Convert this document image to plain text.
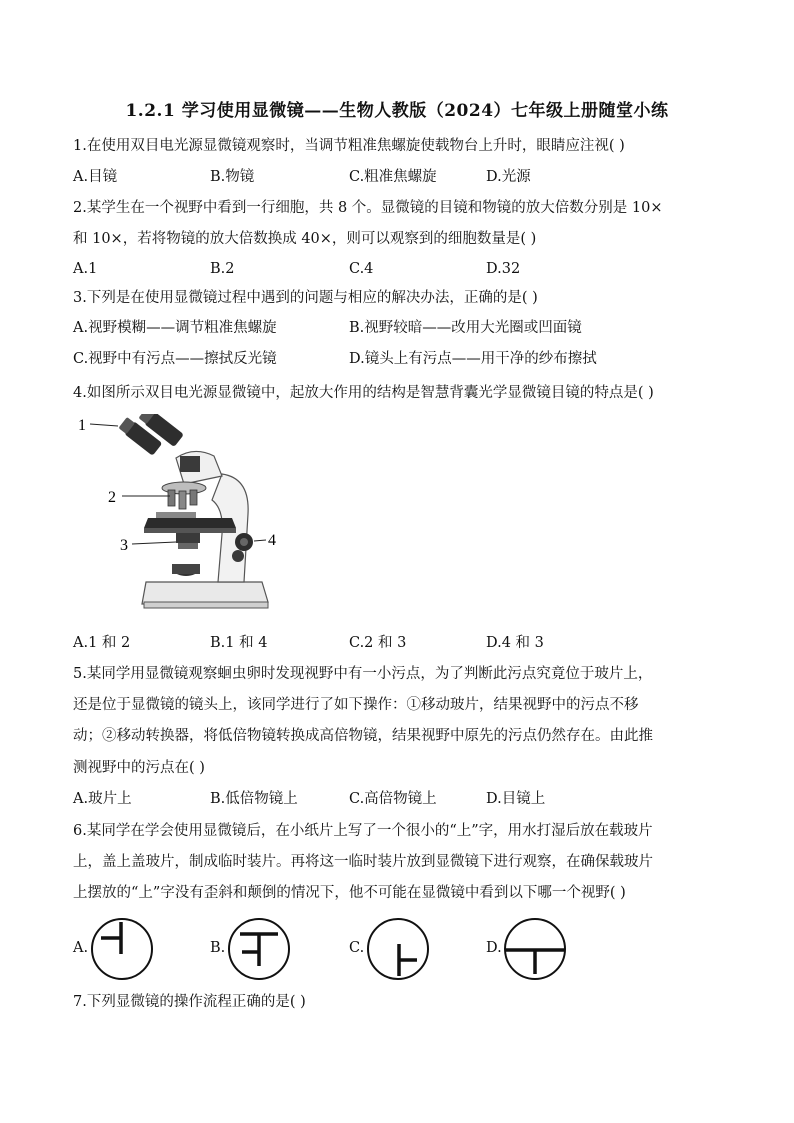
1.2.1 学习使用显微镜——生物人教版（2024）七年级上册随堂小练
1.在使用双目电光源显微镜观察时，当调节粗准焦螺旋使载物台上升时，眼睛应注视( )
A.目镜	B.物镜	C.粗准焦螺旋	D.光源
2.某学生在一个视野中看到一行细胞，共 8 个。显微镜的目镜和物镜的放大倍数分别是 10×
和 10×，若将物镜的放大倍数换成 40×，则可以观察到的细胞数量是( )
A.1	B.2	C.4	D.32
3.下列是在使用显微镜过程中遇到的问题与相应的解决办法，正确的是( )
A.视野模糊——调节粗准焦螺旋	B.视野较暗——改用大光圈或凹面镜
C.视野中有污点——擦拭反光镜	D.镜头上有污点——用干净的纱布擦拭
4.如图所示双目电光源显微镜中，起放大作用的结构是智慧背囊光学显微镜目镜的特点是( )
1
2
3	4
A.1 和 2	B.1 和 4	C.2 和 3	D.4 和 3
5.某同学用显微镜观察蛔虫卵时发现视野中有一小污点，为了判断此污点究竟位于玻片上，
还是位于显微镜的镜头上，该同学进行了如下操作：①移动玻片，结果视野中的污点不移
动；②移动转换器，将低倍物镜转换成高倍物镜，结果视野中原先的污点仍然存在。由此推
测视野中的污点在( )
A.玻片上	B.低倍物镜上	C.高倍物镜上	D.目镜上
6.某同学在学会使用显微镜后，在小纸片上写了一个很小的“上”字，用水打湿后放在载玻片
上，盖上盖玻片，制成临时装片。再将这一临时装片放到显微镜下进行观察，在确保载玻片
上摆放的“上”字没有歪斜和颠倒的情况下，他不可能在显微镜中看到以下哪一个视野( )
A.	B.	C.	D.
7.下列显微镜的操作流程正确的是( )
